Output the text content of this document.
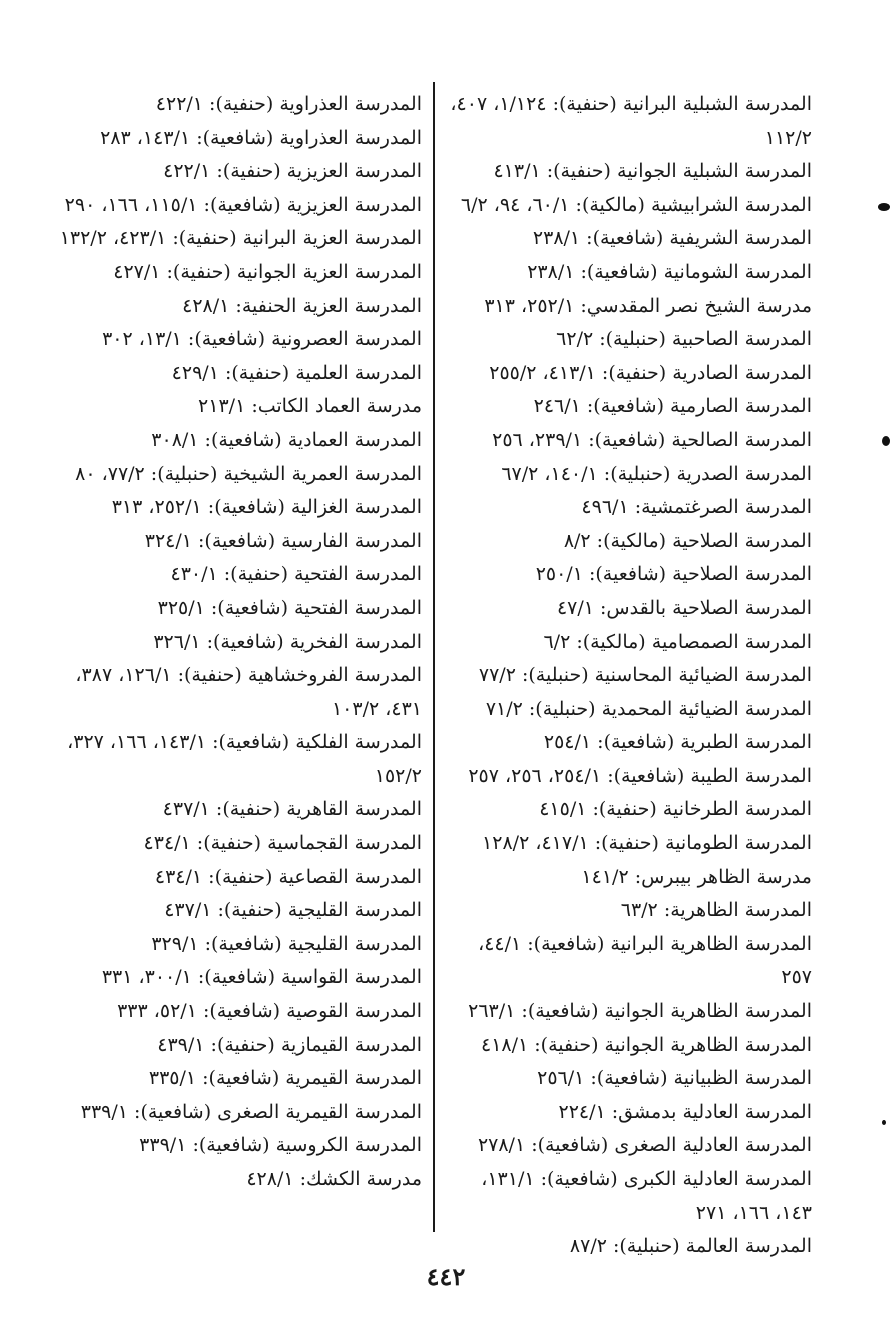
المدرسة الشبلية البرانية (حنفية): ١/١٢٤، ٤٠٧، ١١٢/٢

المدرسة الشبلية الجوانية (حنفية): ٤١٣/١

المدرسة الشرابيشية (مالكية): ٦٠/١، ٩٤، ٦/٢

المدرسة الشريفية (شافعية): ٢٣٨/١

المدرسة الشومانية (شافعية): ٢٣٨/١

مدرسة الشيخ نصر المقدسي: ٢٥٢/١، ٣١٣

المدرسة الصاحبية (حنبلية): ٦٢/٢

المدرسة الصادرية (حنفية): ٤١٣/١، ٢٥٥/٢

المدرسة الصارمية (شافعية): ٢٤٦/١

المدرسة الصالحية (شافعية): ٢٣٩/١، ٢٥٦

المدرسة الصدرية (حنبلية): ١٤٠/١، ٦٧/٢

المدرسة الصرغتمشية: ٤٩٦/١

المدرسة الصلاحية (مالكية): ٨/٢

المدرسة الصلاحية (شافعية): ٢٥٠/١

المدرسة الصلاحية بالقدس: ٤٧/١

المدرسة الصمصامية (مالكية): ٦/٢

المدرسة الضيائية المحاسنية (حنبلية): ٧٧/٢

المدرسة الضيائية المحمدية (حنبلية): ٧١/٢

المدرسة الطبرية (شافعية): ٢٥٤/١

المدرسة الطيبة (شافعية): ٢٥٤/١، ٢٥٦، ٢٥٧

المدرسة الطرخانية (حنفية): ٤١٥/١

المدرسة الطومانية (حنفية): ٤١٧/١، ١٢٨/٢

مدرسة الظاهر بيبرس: ١٤١/٢

المدرسة الظاهرية: ٦٣/٢

المدرسة الظاهرية البرانية (شافعية): ٤٤/١، ٢٥٧

المدرسة الظاهرية الجوانية (شافعية): ٢٦٣/١

المدرسة الظاهرية الجوانية (حنفية): ٤١٨/١

المدرسة الظبيانية (شافعية): ٢٥٦/١

المدرسة العادلية بدمشق: ٢٢٤/١

المدرسة العادلية الصغرى (شافعية): ٢٧٨/١

المدرسة العادلية الكبرى (شافعية): ١٣١/١، ١٤٣، ١٦٦، ٢٧١

المدرسة العالمة (حنبلية): ٨٧/٢

المدرسة العذراوية (حنفية): ٤٢٢/١

المدرسة العذراوية (شافعية): ١٤٣/١، ٢٨٣

المدرسة العزيزية (حنفية): ٤٢٢/١

المدرسة العزيزية (شافعية): ١١٥/١، ١٦٦، ٢٩٠

المدرسة العزية البرانية (حنفية): ٤٢٣/١، ١٣٢/٢

المدرسة العزية الجوانية (حنفية): ٤٢٧/١

المدرسة العزية الحنفية: ٤٢٨/١

المدرسة العصرونية (شافعية): ١٣/١، ٣٠٢

المدرسة العلمية (حنفية): ٤٢٩/١

مدرسة العماد الكاتب: ٢١٣/١

المدرسة العمادية (شافعية): ٣٠٨/١

المدرسة العمرية الشيخية (حنبلية): ٧٧/٢، ٨٠

المدرسة الغزالية (شافعية): ٢٥٢/١، ٣١٣

المدرسة الفارسية (شافعية): ٣٢٤/١

المدرسة الفتحية (حنفية): ٤٣٠/١

المدرسة الفتحية (شافعية): ٣٢٥/١

المدرسة الفخرية (شافعية): ٣٢٦/١

المدرسة الفروخشاهية (حنفية): ١٢٦/١، ٣٨٧، ٤٣١، ١٠٣/٢

المدرسة الفلكية (شافعية): ١٤٣/١، ١٦٦، ٣٢٧، ١٥٢/٢

المدرسة القاهرية (حنفية): ٤٣٧/١

المدرسة القجماسية (حنفية): ٤٣٤/١

المدرسة القصاعية (حنفية): ٤٣٤/١

المدرسة القليجية (حنفية): ٤٣٧/١

المدرسة القليجية (شافعية): ٣٢٩/١

المدرسة القواسية (شافعية): ٣٠٠/١، ٣٣١

المدرسة القوصية (شافعية): ٥٢/١، ٣٣٣

المدرسة القيمازية (حنفية): ٤٣٩/١

المدرسة القيمرية (شافعية): ٣٣٥/١

المدرسة القيمرية الصغرى (شافعية): ٣٣٩/١

المدرسة الكروسية (شافعية): ٣٣٩/١

مدرسة الكشك: ٤٢٨/١

٤٤٢
